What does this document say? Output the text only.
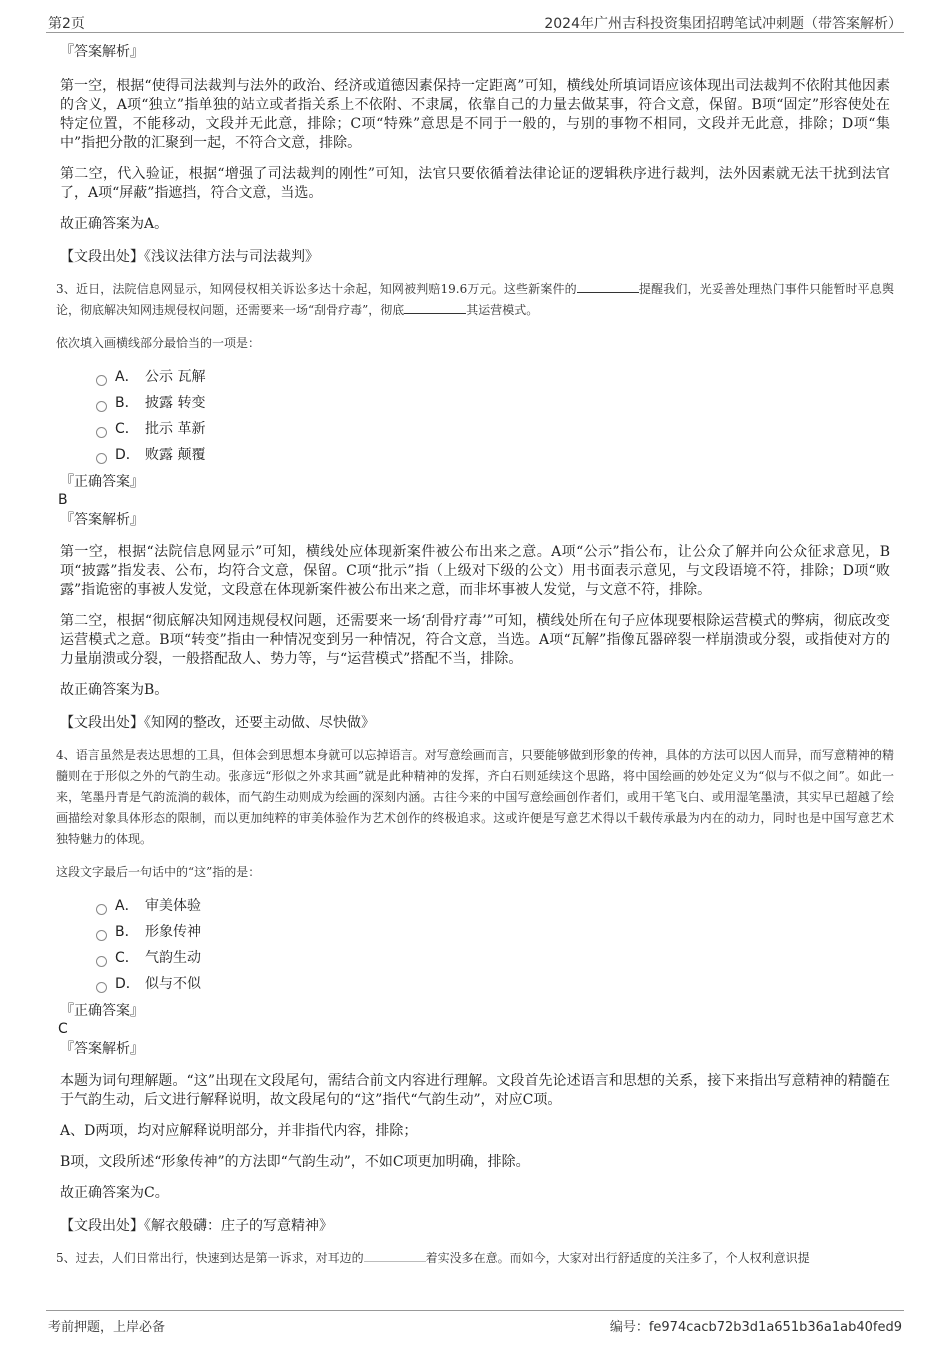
第2页	2024年广州吉科投资集团招聘笔试冲刺题（带答案解析）

『答案解析』

第一空，根据“使得司法裁判与法外的政治、经济或道德因素保持一定距离”可知，横线处所填词语应该体现出司法裁判不依附其他因素的含义，A项“独立”指单独的站立或者指关系上不依附、不隶属，依靠自己的力量去做某事，符合文意，保留。B项“固定”形容使处在特定位置，不能移动，文段并无此意，排除；C项“特殊”意思是不同于一般的，与别的事物不相同，文段并无此意，排除；D项“集中”指把分散的汇聚到一起，不符合文意，排除。

第二空，代入验证，根据“增强了司法裁判的刚性”可知，法官只要依循着法律论证的逻辑秩序进行裁判，法外因素就无法干扰到法官了，A项“屏蔽”指遮挡，符合文意，当选。

故正确答案为A。

【文段出处】《浅议法律方法与司法裁判》

3、近日，法院信息网显示，知网侵权相关诉讼多达十余起，知网被判赔19.6万元。这些新案件的	提醒我们，光妥善处理热门事件只能暂时平息舆论，彻底解决知网违规侵权问题，还需要来一场“刮骨疗毒”，彻底	其运营模式。

依次填入画横线部分最恰当的一项是：

A． 公示 瓦解
B． 披露 转变
C． 批示 革新
D． 败露 颠覆

『正确答案』

B

『答案解析』

第一空，根据“法院信息网显示”可知，横线处应体现新案件被公布出来之意。A项“公示”指公布，让公众了解并向公众征求意见，B项“披露”指发表、公布，均符合文意，保留。C项“批示”指（上级对下级的公文）用书面表示意见，与文段语境不符，排除；D项“败露”指诡密的事被人发觉，文段意在体现新案件被公布出来之意，而非坏事被人发觉，与文意不符，排除。

第二空，根据“彻底解决知网违规侵权问题，还需要来一场‘刮骨疗毒’”可知，横线处所在句子应体现要根除运营模式的弊病，彻底改变运营模式之意。B项“转变”指由一种情况变到另一种情况，符合文意，当选。A项“瓦解”指像瓦器碎裂一样崩溃或分裂，或指使对方的力量崩溃或分裂，一般搭配敌人、势力等，与“运营模式”搭配不当，排除。

故正确答案为B。

【文段出处】《知网的整改，还要主动做、尽快做》

4、语言虽然是表达思想的工具，但体会到思想本身就可以忘掉语言。对写意绘画而言，只要能够做到形象的传神，具体的方法可以因人而异，而写意精神的精髓则在于形似之外的气韵生动。张彦远“形似之外求其画”就是此种精神的发挥，齐白石则延续这个思路，将中国绘画的妙处定义为“似与不似之间”。如此一来，笔墨丹青是气韵流淌的载体，而气韵生动则成为绘画的深刻内涵。古往今来的中国写意绘画创作者们，或用干笔飞白、或用湿笔墨渍，其实早已超越了绘画描绘对象具体形态的限制，而以更加纯粹的审美体验作为艺术创作的终极追求。这或许便是写意艺术得以千载传承最为内在的动力，同时也是中国写意艺术独特魅力的体现。

这段文字最后一句话中的“这”指的是：

A． 审美体验
B． 形象传神
C． 气韵生动
D． 似与不似

『正确答案』

C

『答案解析』

本题为词句理解题。“这”出现在文段尾句，需结合前文内容进行理解。文段首先论述语言和思想的关系，接下来指出写意精神的精髓在于气韵生动，后文进行解释说明，故文段尾句的“这”指代“气韵生动”，对应C项。

A、D两项，均对应解释说明部分，并非指代内容，排除；

B项，文段所述“形象传神”的方法即“气韵生动”，不如C项更加明确，排除。

故正确答案为C。

【文段出处】《解衣般礴：庄子的写意精神》

5、过去，人们日常出行，快速到达是第一诉求，对耳边的	着实没多在意。而如今，大家对出行舒适度的关注多了，个人权利意识提

考前押题，上岸必备	编号：fe974cacb72b3d1a651b36a1ab40fed9
